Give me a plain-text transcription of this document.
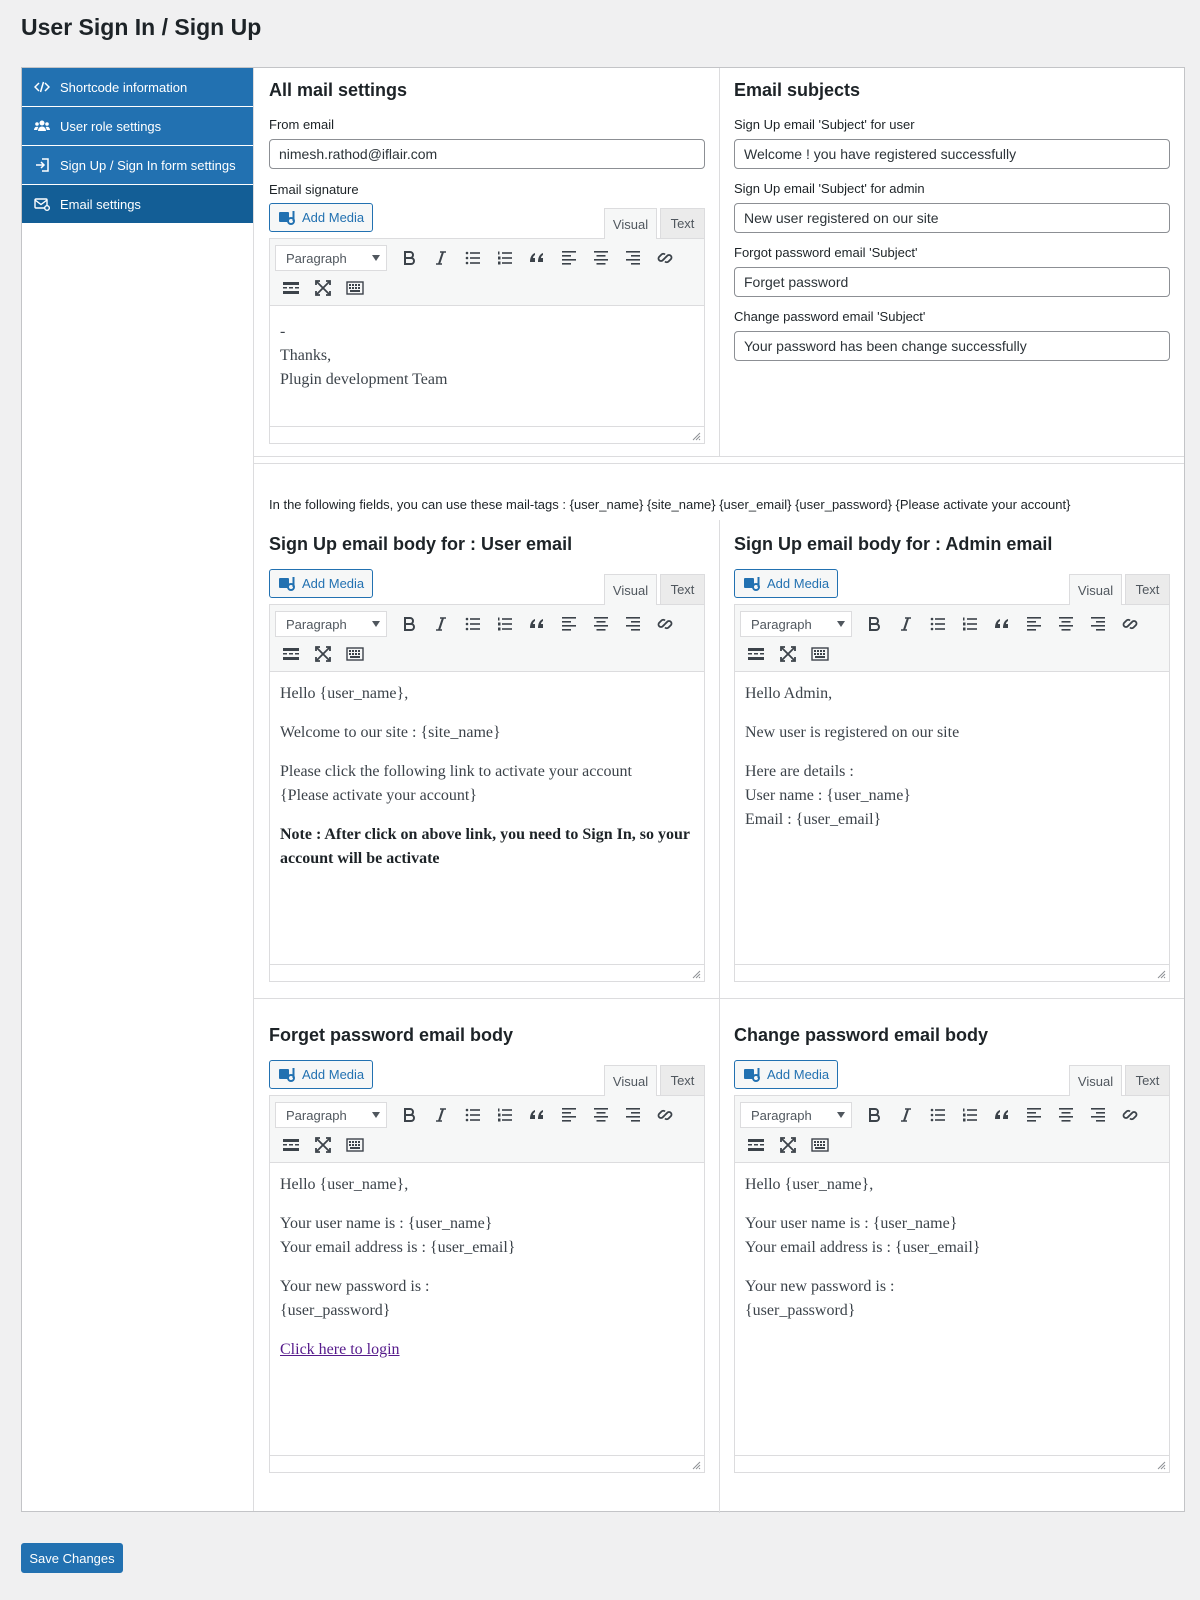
User Sign In / Sign Up
Shortcode information
User role settings
Sign Up / Sign In form settings
Email settings
All mail settings
From email
nimesh.rathod@iflair.com
Email signature
Add Media	Visual	Text
Paragraph
-
Thanks,
Plugin development Team
Email subjects
Sign Up email 'Subject' for user
Welcome ! you have registered successfully
Sign Up email 'Subject' for admin
New user registered on our site
Forgot password email 'Subject'
Forget password
Change password email 'Subject'
Your password has been change successfully
In the following fields, you can use these mail-tags : {user_name} {site_name} {user_email} {user_password} {Please activate your account}
Sign Up email body for : User email
Add Media	Visual	Text
Paragraph

Hello {user_name},

Welcome to our site : {site_name}

Please click the following link to activate your account
{Please activate your account}

Note : After click on above link, you need to Sign In, so your account will be activate

Sign Up email body for : Admin email
Add Media	Visual	Text
Paragraph

Hello Admin,

New user is registered on our site

Here are details :
User name : {user_name}
Email : {user_email}

Forget password email body
Add Media	Visual	Text
Paragraph

Hello {user_name},

Your user name is : {user_name}
Your email address is : {user_email}

Your new password is :
{user_password}

Click here to login

Change password email body
Add Media	Visual	Text
Paragraph

Hello {user_name},

Your user name is : {user_name}
Your email address is : {user_email}

Your new password is :
{user_password}

Save Changes
